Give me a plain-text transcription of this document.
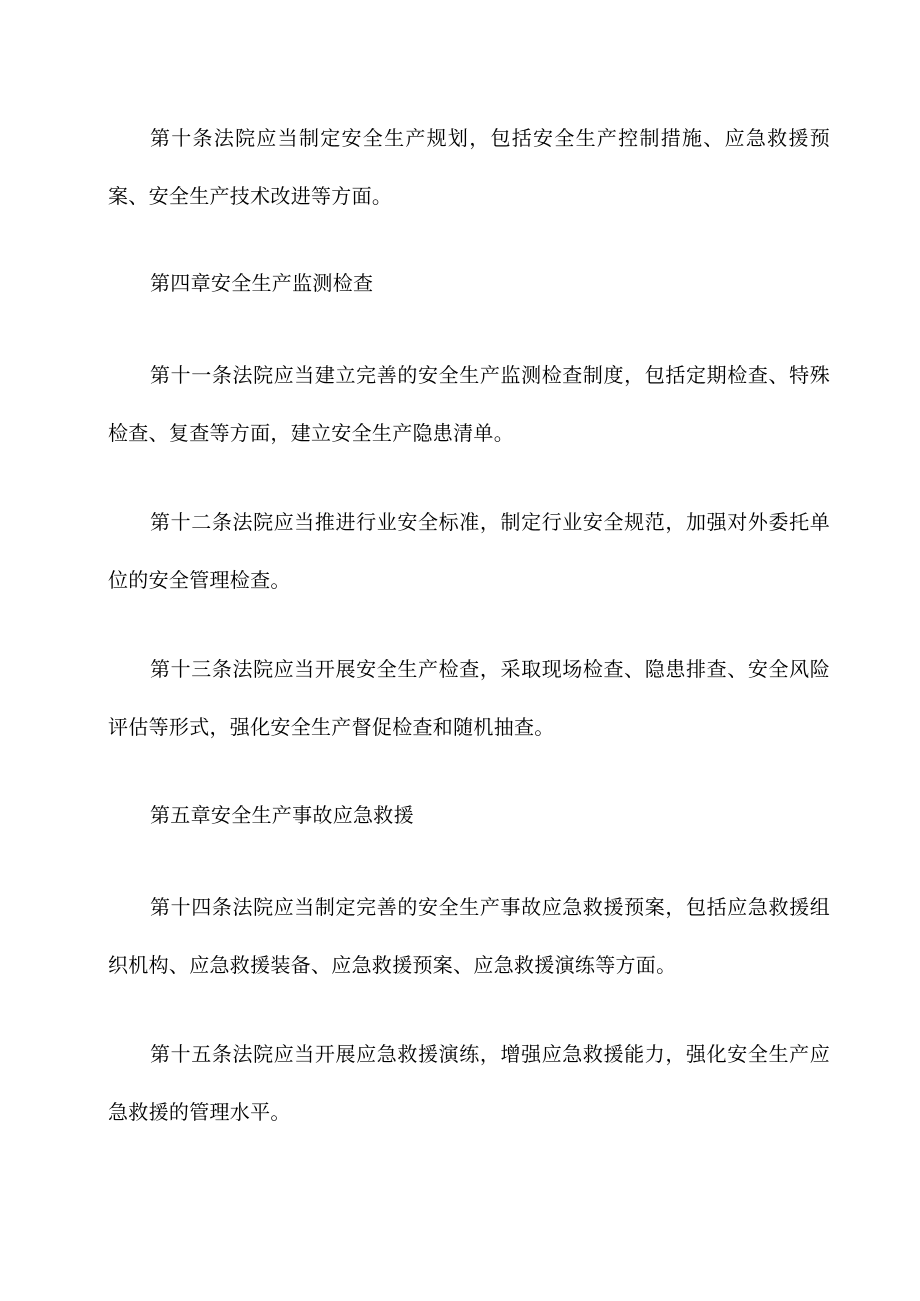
第十条法院应当制定安全生产规划，包括安全生产控制措施、应急救援预案、安全生产技术改进等方面。

第四章安全生产监测检查

第十一条法院应当建立完善的安全生产监测检查制度，包括定期检查、特殊检查、复查等方面，建立安全生产隐患清单。

第十二条法院应当推进行业安全标准，制定行业安全规范，加强对外委托单位的安全管理检查。

第十三条法院应当开展安全生产检查，采取现场检查、隐患排查、安全风险评估等形式，强化安全生产督促检查和随机抽查。

第五章安全生产事故应急救援

第十四条法院应当制定完善的安全生产事故应急救援预案，包括应急救援组织机构、应急救援装备、应急救援预案、应急救援演练等方面。

第十五条法院应当开展应急救援演练，增强应急救援能力，强化安全生产应急救援的管理水平。
